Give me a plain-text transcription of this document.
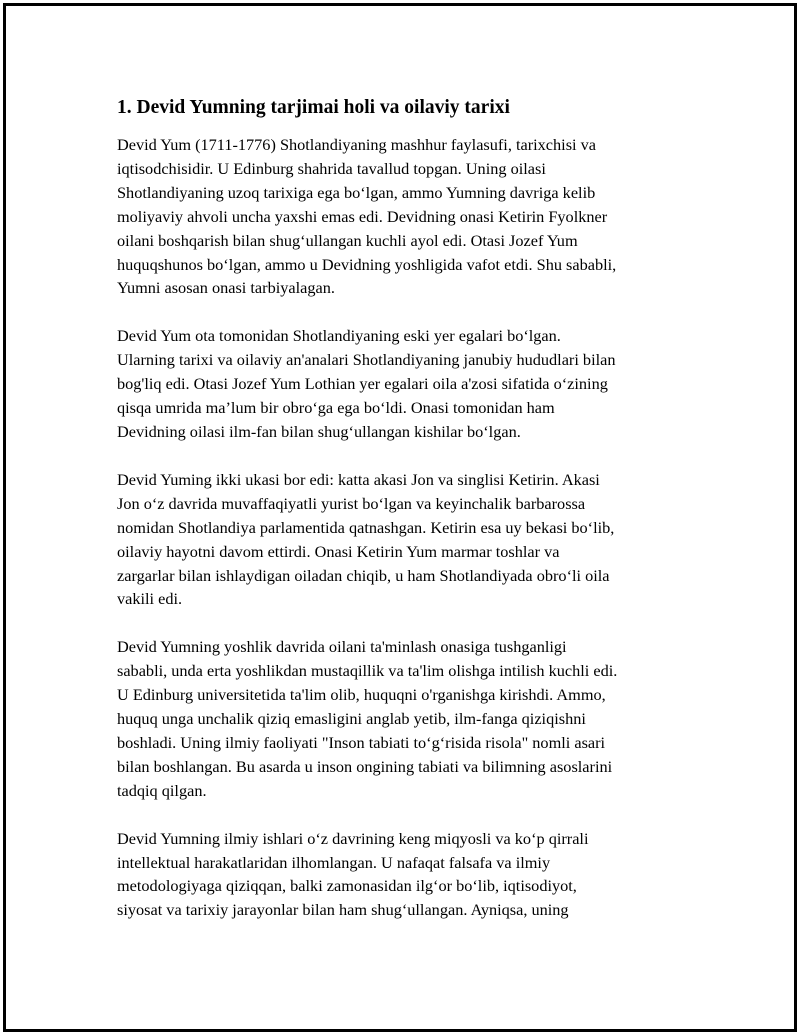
1. Devid Yumning tarjimai holi va oilaviy tarixi

Devid Yum (1711-1776) Shotlandiyaning mashhur faylasufi, tarixchisi va
iqtisodchisidir. U Edinburg shahrida tavallud topgan. Uning oilasi
Shotlandiyaning uzoq tarixiga ega bo‘lgan, ammo Yumning davriga kelib
moliyaviy ahvoli uncha yaxshi emas edi. Devidning onasi Ketirin Fyolkner
oilani boshqarish bilan shug‘ullangan kuchli ayol edi. Otasi Jozef Yum
huquqshunos bo‘lgan, ammo u Devidning yoshligida vafot etdi. Shu sababli,
Yumni asosan onasi tarbiyalagan.

Devid Yum ota tomonidan Shotlandiyaning eski yer egalari bo‘lgan.
Ularning tarixi va oilaviy an'analari Shotlandiyaning janubiy hududlari bilan
bog'liq edi. Otasi Jozef Yum Lothian yer egalari oila a'zosi sifatida o‘zining
qisqa umrida ma’lum bir obro‘ga ega bo‘ldi. Onasi tomonidan ham
Devidning oilasi ilm-fan bilan shug‘ullangan kishilar bo‘lgan.

Devid Yuming ikki ukasi bor edi: katta akasi Jon va singlisi Ketirin. Akasi
Jon o‘z davrida muvaffaqiyatli yurist bo‘lgan va keyinchalik barbarossa
nomidan Shotlandiya parlamentida qatnashgan. Ketirin esa uy bekasi bo‘lib,
oilaviy hayotni davom ettirdi. Onasi Ketirin Yum marmar toshlar va
zargarlar bilan ishlaydigan oiladan chiqib, u ham Shotlandiyada obro‘li oila
vakili edi.

Devid Yumning yoshlik davrida oilani ta'minlash onasiga tushganligi
sababli, unda erta yoshlikdan mustaqillik va ta'lim olishga intilish kuchli edi.
U Edinburg universitetida ta'lim olib, huquqni o'rganishga kirishdi. Ammo,
huquq unga unchalik qiziq emasligini anglab yetib, ilm-fanga qiziqishni
boshladi. Uning ilmiy faoliyati "Inson tabiati to‘g‘risida risola" nomli asari
bilan boshlangan. Bu asarda u inson ongining tabiati va bilimning asoslarini
tadqiq qilgan.

Devid Yumning ilmiy ishlari o‘z davrining keng miqyosli va ko‘p qirrali
intellektual harakatlaridan ilhomlangan. U nafaqat falsafa va ilmiy
metodologiyaga qiziqqan, balki zamonasidan ilg‘or bo‘lib, iqtisodiyot,
siyosat va tarixiy jarayonlar bilan ham shug‘ullangan. Ayniqsa, uning
